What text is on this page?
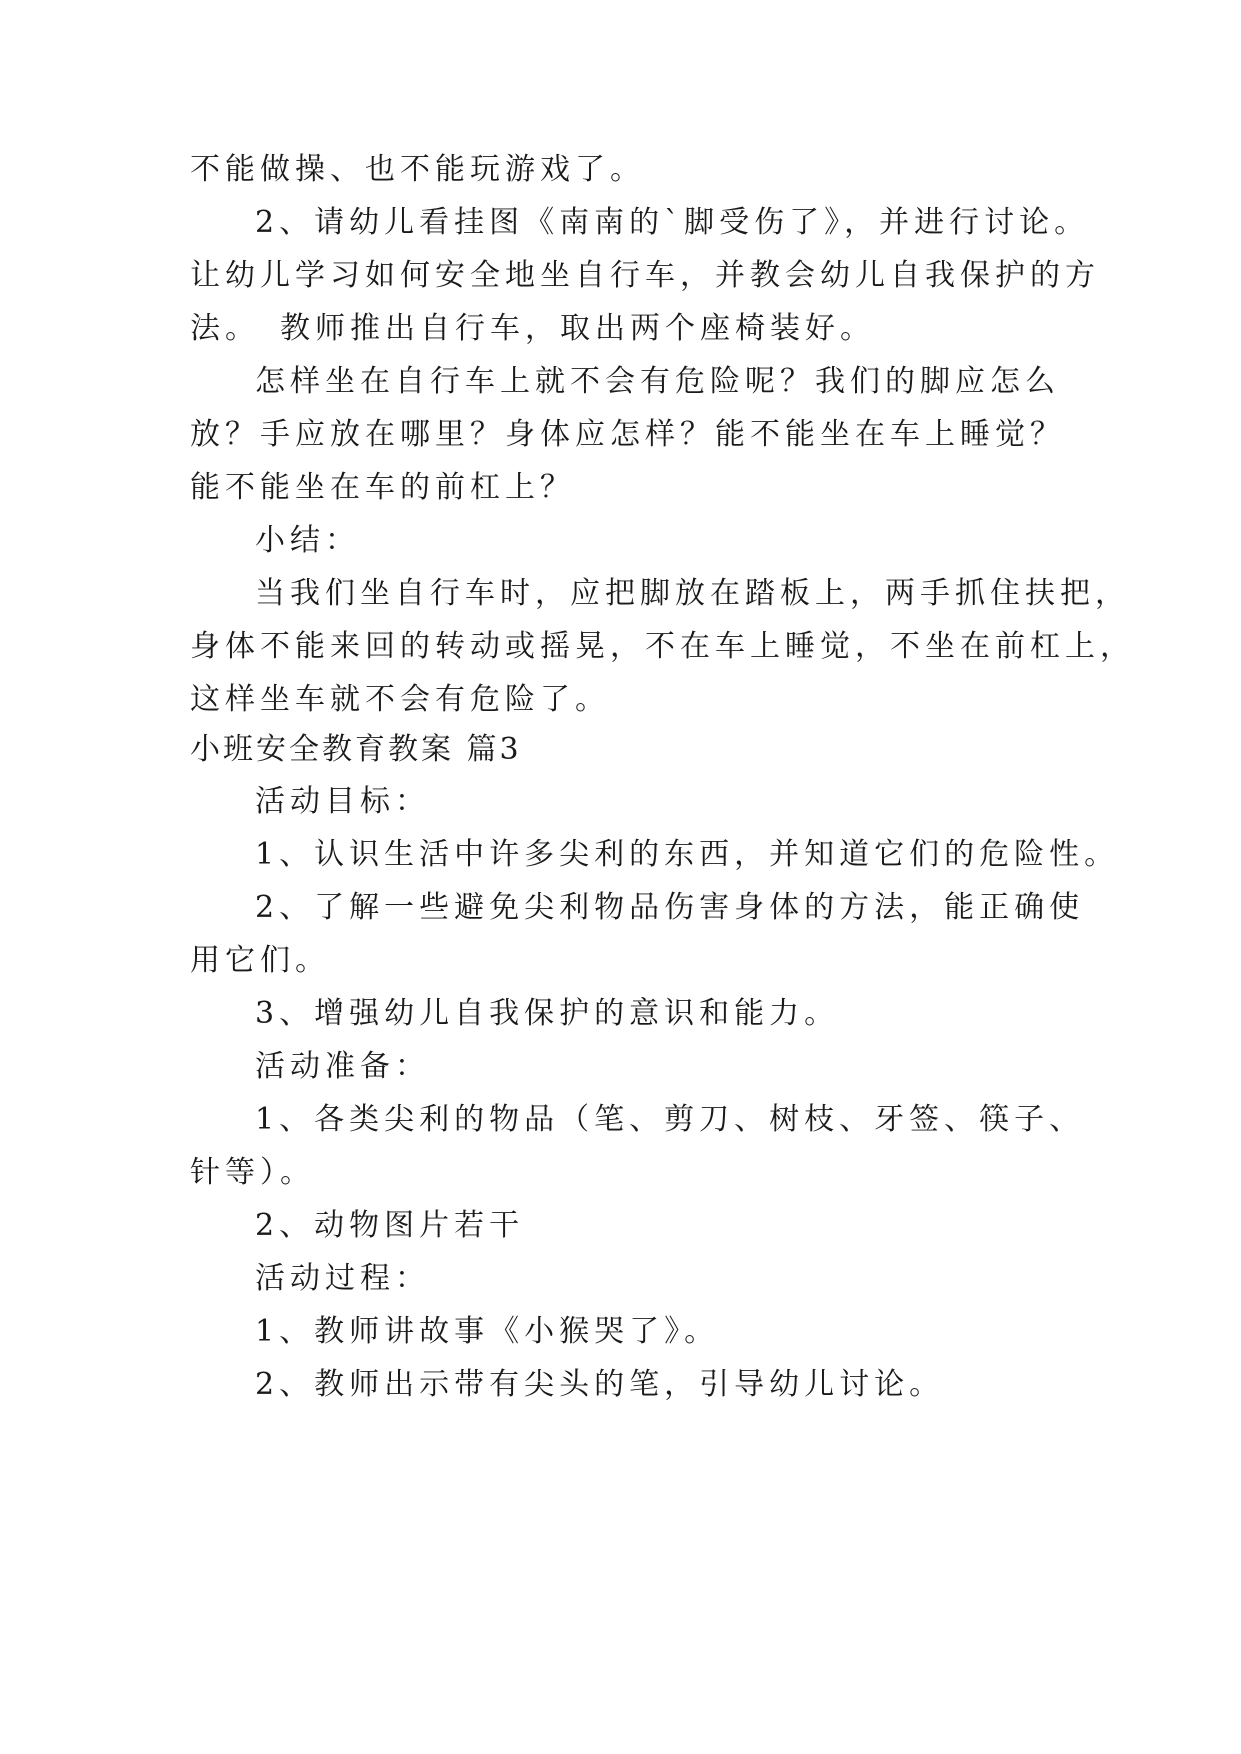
不能做操、也不能玩游戏了。

2、请幼儿看挂图《南南的`脚受伤了》，并进行讨论。

让幼儿学习如何安全地坐自行车，并教会幼儿自我保护的方

法。　教师推出自行车，取出两个座椅装好。

怎样坐在自行车上就不会有危险呢？我们的脚应怎么

放？手应放在哪里？身体应怎样？能不能坐在车上睡觉？

能不能坐在车的前杠上？

小结：

当我们坐自行车时，应把脚放在踏板上，两手抓住扶把，

身体不能来回的转动或摇晃，不在车上睡觉，不坐在前杠上，

这样坐车就不会有危险了。

小班安全教育教案 篇3

活动目标：

1、认识生活中许多尖利的东西，并知道它们的危险性。

2、了解一些避免尖利物品伤害身体的方法，能正确使

用它们。

3、增强幼儿自我保护的意识和能力。

活动准备：

1、各类尖利的物品（笔、剪刀、树枝、牙签、筷子、

针等）。

2、动物图片若干

活动过程：

1、教师讲故事《小猴哭了》。

2、教师出示带有尖头的笔，引导幼儿讨论。
